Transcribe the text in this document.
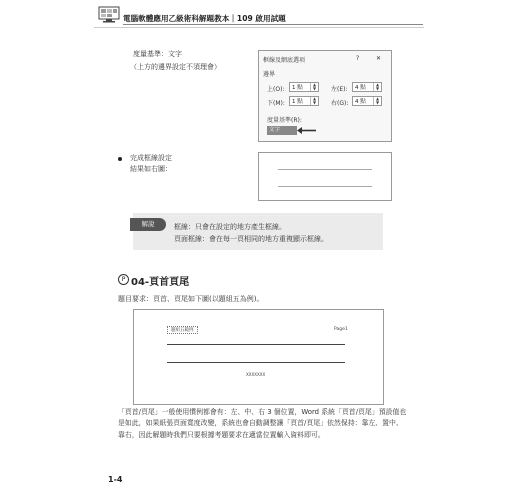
電腦軟體應用乙級術科解題教本｜109 啟用試題
度量基準：文字
（上方的邊界設定不須理會）
框線及網底選項	?	✕
邊界
上(O):	1 點
▲
▼	左(E):	4 點
▲
▼
下(M):	1 點
▲
▼	右(G):	4 點
▲
▼
度量基準(R):
文字
完成框線設定
結果如右圖：
框線：只會在設定的地方產生框線。
頁面框線：會在每一頁相同的地方重複顯示框線。
解說
P 04-頁首頁尾
題目要求：頁首、頁尾如下圖(以題組五為例)。
題組五範例	Page1
XXXXXXX
「頁首/頁尾」一般使用慣例都會有：左、中、右 3 個位置，Word 系統「頁首/頁尾」預設值也
是如此，如果紙張頁面寬度改變，系統也會自動調整讓「頁首/頁尾」依然保持：靠左、置中、
靠右，因此解題時我們只要根據考題要求在適當位置輸入資料即可。
1-4
